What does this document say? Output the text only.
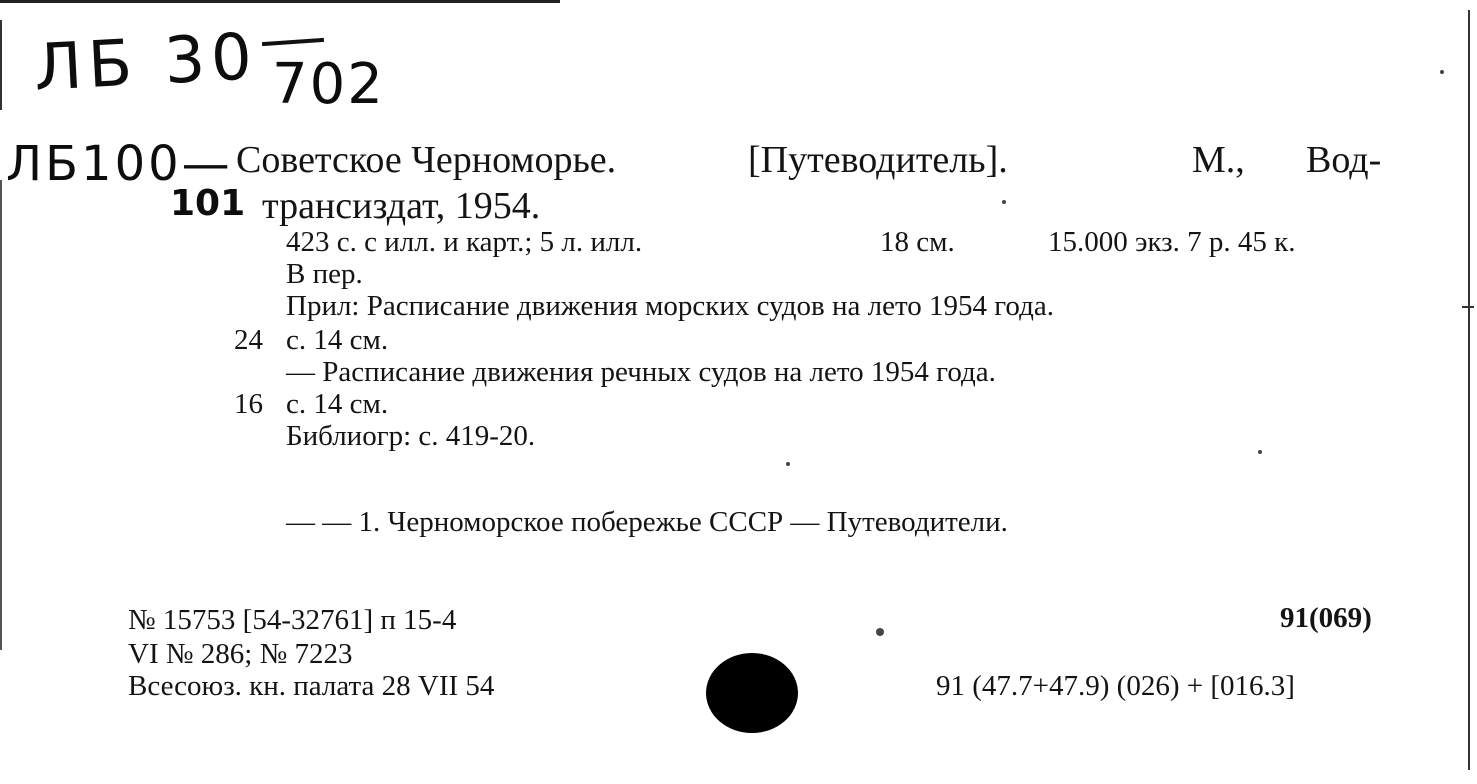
ЛБ 30 702
ЛБ100—
101
Советское Черноморье.	[Путеводитель].	М., Вод-
трансиздат, 1954.
423 с. с илл. и карт.; 5 л. илл.	18 см.	15.000 экз. 7 р. 45 к.
В пер.
Прил: Расписание движения морских судов на лето 1954 года.
24 с. 14 см.
— Расписание движения речных судов на лето 1954 года.
16 с. 14 см.
Библиогр: с. 419-20.
— — 1. Черноморское побережье СССР — Путеводители.
№ 15753 [54-32761] п 15-4
VI № 286; № 7223
Всесоюз. кн. палата 28 VII 54
91(069)
91 (47.7+47.9) (026) + [016.3]
